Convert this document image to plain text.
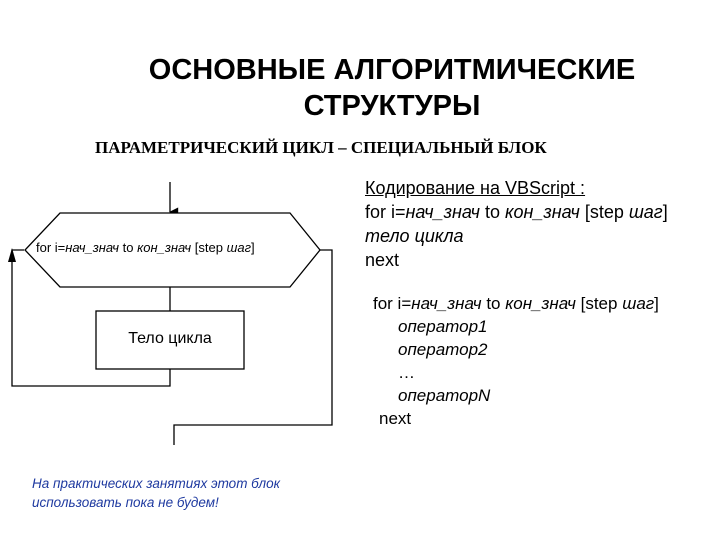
ОСНОВНЫЕ АЛГОРИТМИЧЕСКИЕ
СТРУКТУРЫ
ПАРАМЕТРИЧЕСКИЙ ЦИКЛ – СПЕЦИАЛЬНЫЙ БЛОК
for i=нач_знач to кон_знач [step шаг]
Тело цикла
Кодирование на VBScript :
for i=нач_знач to кон_знач [step шаг]
тело цикла
next
for i=нач_знач to кон_знач [step шаг]
оператор1
оператор2
…
операторN
next
На практических занятиях этот блок
использовать пока не будем!
